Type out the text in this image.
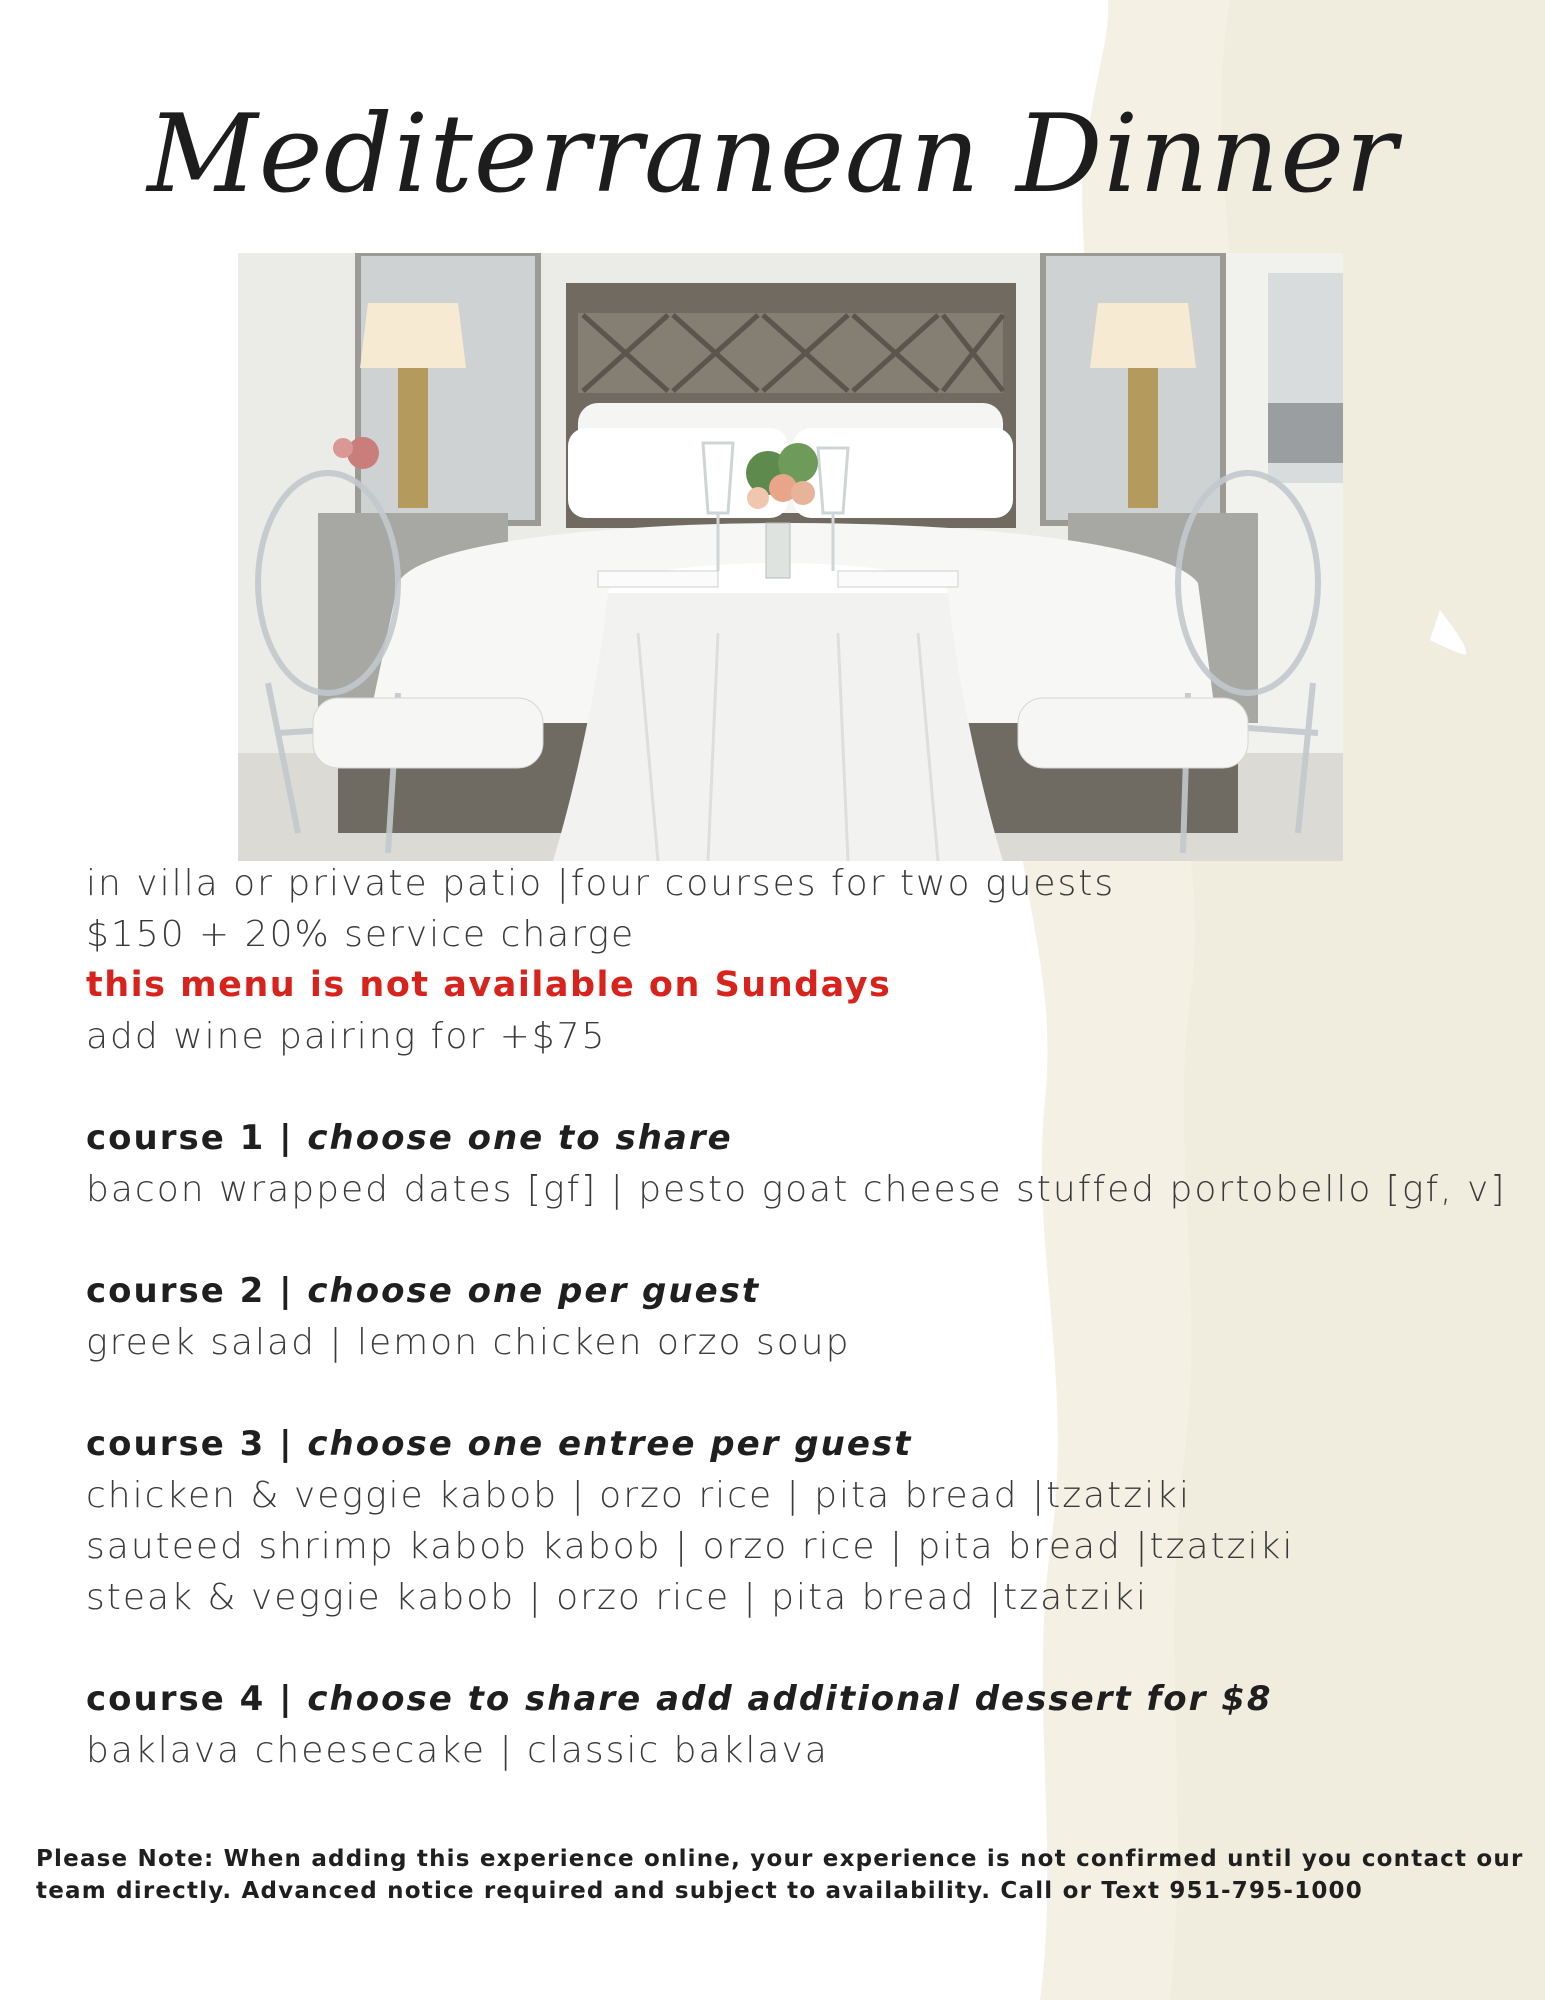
Mediterranean Dinner
in villa or private patio |four courses for two guests
$150 + 20% service charge
this menu is not available on Sundays
add wine pairing for +$75
course 1 | choose one to share
bacon wrapped dates [gf] | pesto goat cheese stuffed portobello [gf, v]
course 2 | choose one per guest
greek salad | lemon chicken orzo soup
course 3 | choose one entree per guest
chicken & veggie kabob | orzo rice | pita bread |tzatziki
sauteed shrimp kabob kabob | orzo rice | pita bread |tzatziki
steak & veggie kabob | orzo rice | pita bread |tzatziki
course 4 | choose to share add additional dessert for $8
baklava cheesecake | classic baklava

Please Note: When adding this experience online, your experience is not confirmed until you contact our team directly. Advanced notice required and subject to availability. Call or Text 951-795-1000
